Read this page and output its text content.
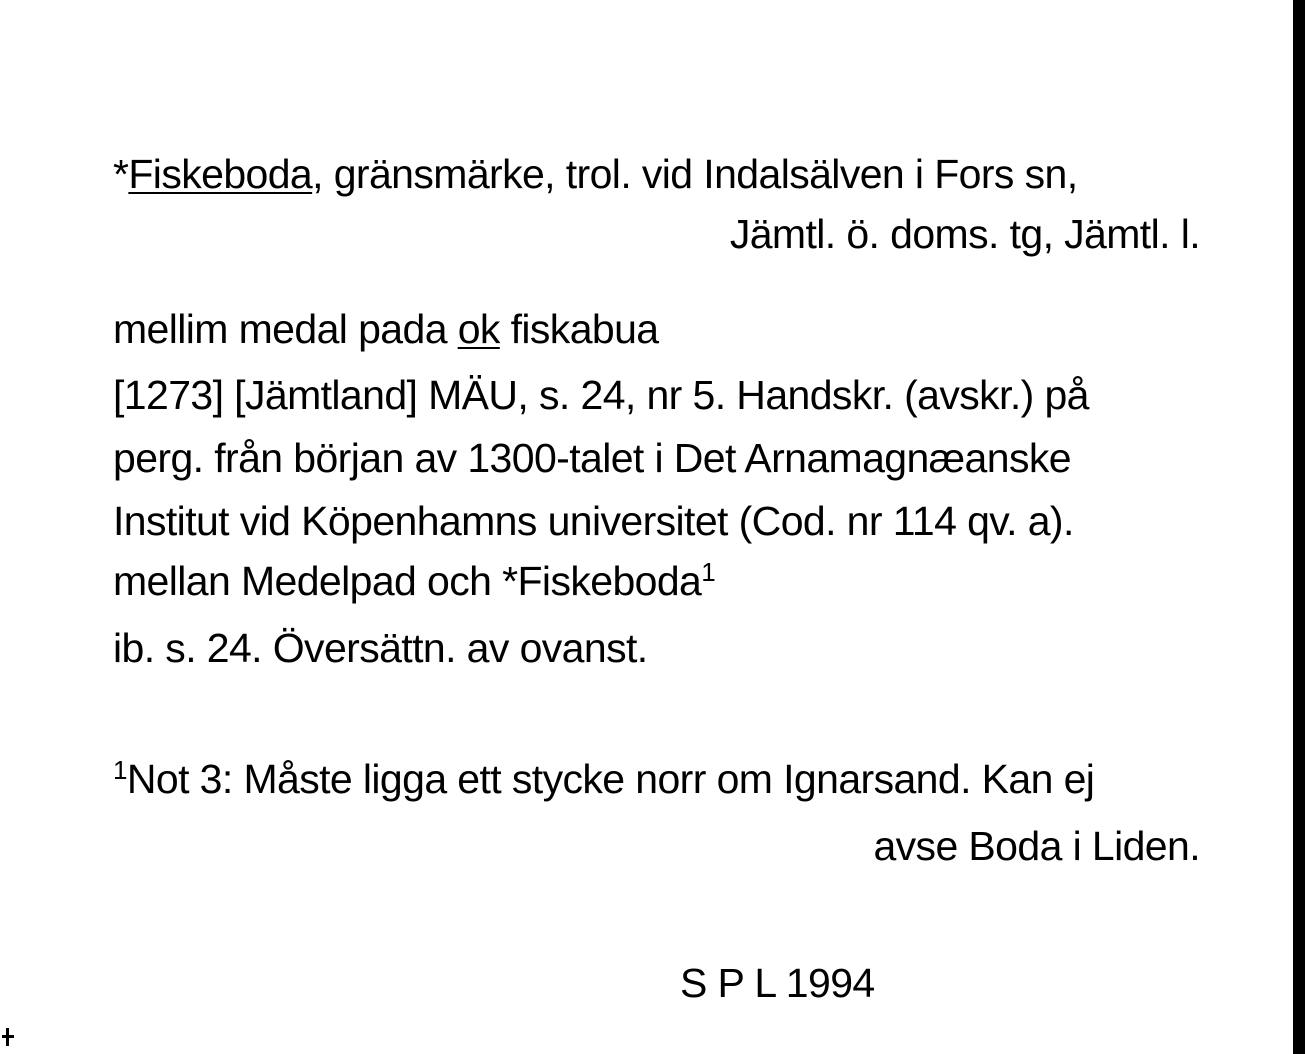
*Fiskeboda, gränsmärke, trol. vid Indalsälven i Fors sn,
Jämtl. ö. doms. tg, Jämtl. l.
mellim medal pada ok fiskabua
[1273] [Jämtland] MÄU, s. 24, nr 5. Handskr. (avskr.) på
perg. från början av 1300-talet i Det Arnamagnæanske
Institut vid Köpenhamns universitet (Cod. nr 114 qv. a).
mellan Medelpad och *Fiskeboda$^1$
ib. s. 24. Översättn. av ovanst.
$^1$Not 3: Måste ligga ett stycke norr om Ignarsand. Kan ej
avse Boda i Liden.
S P L 1994
